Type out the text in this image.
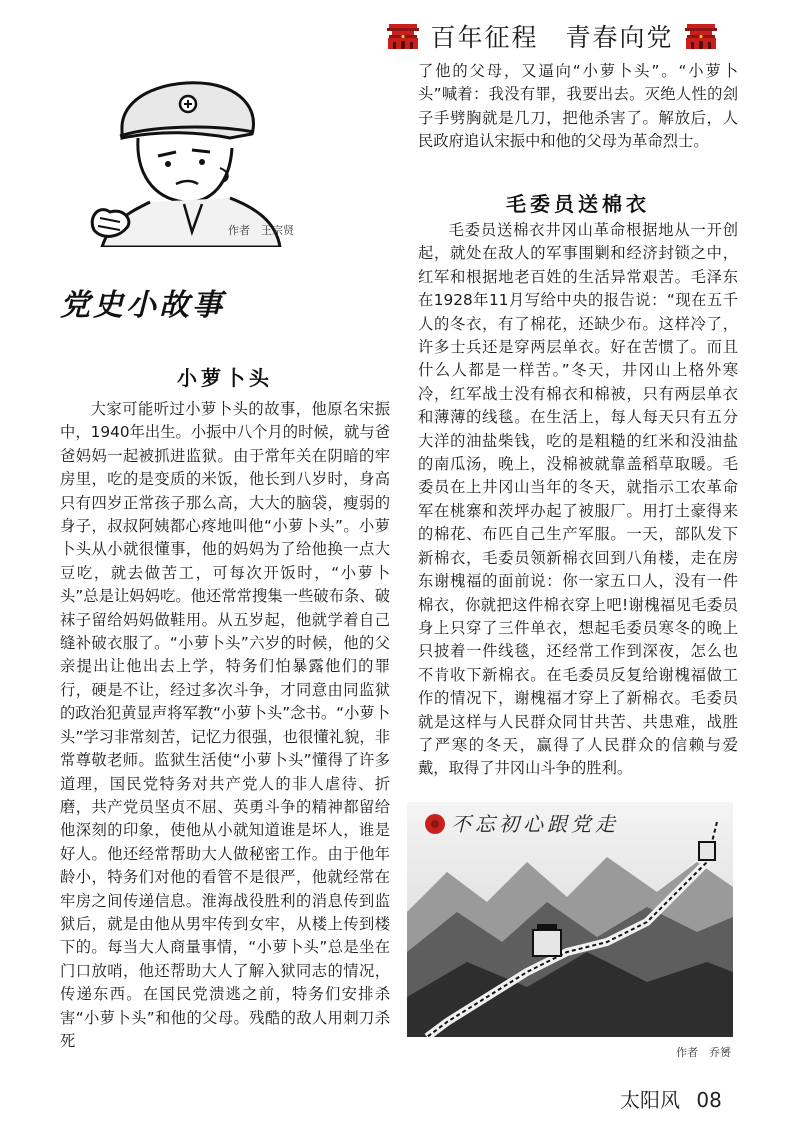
百年征程　青春向党
作者　王宗贤
党史小故事
小萝卜头

大家可能听过小萝卜头的故事，他原名宋振中，1940年出生。小振中八个月的时候，就与爸爸妈妈一起被抓进监狱。由于常年关在阴暗的牢房里，吃的是变质的米饭，他长到八岁时，身高只有四岁正常孩子那么高，大大的脑袋，瘦弱的身子，叔叔阿姨都心疼地叫他“小萝卜头”。小萝卜头从小就很懂事，他的妈妈为了给他换一点大豆吃，就去做苦工，可每次开饭时，“小萝卜头”总是让妈妈吃。他还常常搜集一些破布条、破袜子留给妈妈做鞋用。从五岁起，他就学着自己缝补破衣服了。“小萝卜头”六岁的时候，他的父亲提出让他出去上学，特务们怕暴露他们的罪行，硬是不让，经过多次斗争，才同意由同监狱的政治犯黄显声将军教“小萝卜头”念书。“小萝卜头”学习非常刻苦，记忆力很强，也很懂礼貌，非常尊敬老师。监狱生活使“小萝卜头”懂得了许多道理，国民党特务对共产党人的非人虐待、折磨，共产党员坚贞不屈、英勇斗争的精神都留给他深刻的印象，使他从小就知道谁是坏人，谁是好人。他还经常帮助大人做秘密工作。由于他年龄小，特务们对他的看管不是很严，他就经常在牢房之间传递信息。淮海战役胜利的消息传到监狱后，就是由他从男牢传到女牢，从楼上传到楼下的。每当大人商量事情，“小萝卜头”总是坐在门口放哨，他还帮助大人了解入狱同志的情况，传递东西。在国民党溃逃之前，特务们安排杀害“小萝卜头”和他的父母。残酷的敌人用刺刀杀死

了他的父母，又逼向“小萝卜头”。“小萝卜头”喊着：我没有罪，我要出去。灭绝人性的刽子手劈胸就是几刀，把他杀害了。解放后，人民政府追认宋振中和他的父母为革命烈士。

毛委员送棉衣

毛委员送棉衣井冈山革命根据地从一开创起，就处在敌人的军事围剿和经济封锁之中，红军和根据地老百姓的生活异常艰苦。毛泽东在1928年11月写给中央的报告说：“现在五千人的冬衣，有了棉花，还缺少布。这样冷了，许多士兵还是穿两层单衣。好在苦惯了。而且什么人都是一样苦。”冬天，井冈山上格外寒冷，红军战士没有棉衣和棉被，只有两层单衣和薄薄的线毯。在生活上，每人每天只有五分大洋的油盐柴钱，吃的是粗糙的红米和没油盐的南瓜汤，晚上，没棉被就靠盖稻草取暖。毛委员在上井冈山当年的冬天，就指示工农革命军在桃寨和茨坪办起了被服厂。用打土豪得来的棉花、布匹自己生产军服。一天，部队发下新棉衣，毛委员领新棉衣回到八角楼，走在房东谢槐福的面前说：你一家五口人，没有一件棉衣，你就把这件棉衣穿上吧!谢槐福见毛委员身上只穿了三件单衣，想起毛委员寒冬的晚上只披着一件线毯，还经常工作到深夜，怎么也不肯收下新棉衣。在毛委员反复给谢槐福做工作的情况下，谢槐福才穿上了新棉衣。毛委员就是这样与人民群众同甘共苦、共患难，战胜了严寒的冬天，赢得了人民群众的信赖与爱戴，取得了井冈山斗争的胜利。

不忘初心跟党走
作者　乔赟
太阳风 08
